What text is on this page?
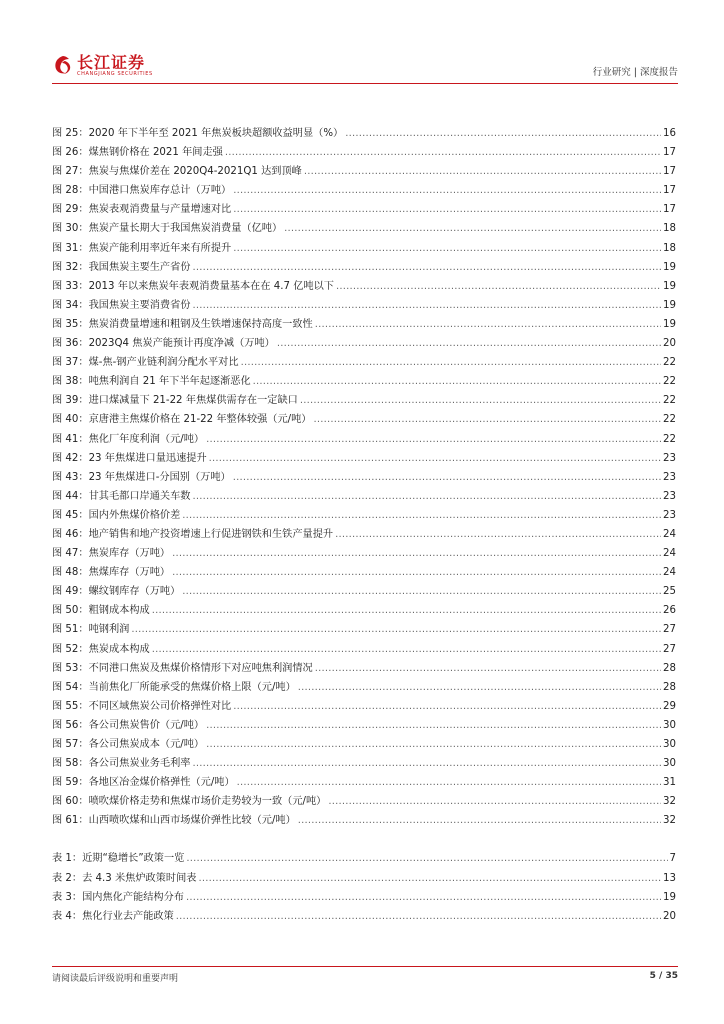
长江证券
CHANGJIANG SECURITIES	行业研究 | 深度报告
图 25：2020 年下半年至 2021 年焦炭板块超额收益明显（%） .....	16
图 26：煤焦钢价格在 2021 年间走强 .....	17
图 27：焦炭与焦煤价差在 2020Q4-2021Q1 达到顶峰 .....	17
图 28：中国港口焦炭库存总计（万吨） .....	17
图 29：焦炭表观消费量与产量增速对比 .....	17
图 30：焦炭产量长期大于我国焦炭消费量（亿吨） .....	18
图 31：焦炭产能利用率近年来有所提升 .....	18
图 32：我国焦炭主要生产省份 .....	19
图 33：2013 年以来焦炭年表观消费量基本在在 4.7 亿吨以下 .....	19
图 34：我国焦炭主要消费省份 .....	19
图 35：焦炭消费量增速和粗钢及生铁增速保持高度一致性 .....	19
图 36：2023Q4 焦炭产能预计再度净减（万吨） .....	20
图 37：煤-焦-钢产业链利润分配水平对比 .....	22
图 38：吨焦利润自 21 年下半年起逐渐恶化 .....	22
图 39：进口煤减量下 21-22 年焦煤供需存在一定缺口 .....	22
图 40：京唐港主焦煤价格在 21-22 年整体较强（元/吨） .....	22
图 41：焦化厂年度利润（元/吨） .....	22
图 42：23 年焦煤进口量迅速提升 .....	23
图 43：23 年焦煤进口-分国别（万吨） .....	23
图 44：甘其毛都口岸通关车数 .....	23
图 45：国内外焦煤价格价差 .....	23
图 46：地产销售和地产投资增速上行促进钢铁和生铁产量提升 .....	24
图 47：焦炭库存（万吨） .....	24
图 48：焦煤库存（万吨） .....	24
图 49：螺纹钢库存（万吨） .....	25
图 50：粗钢成本构成 .....	26
图 51：吨钢利润 .....	27
图 52：焦炭成本构成 .....	27
图 53：不同港口焦炭及焦煤价格情形下对应吨焦利润情况 .....	28
图 54：当前焦化厂所能承受的焦煤价格上限（元/吨） .....	28
图 55：不同区域焦炭公司价格弹性对比 .....	29
图 56：各公司焦炭售价（元/吨） .....	30
图 57：各公司焦炭成本（元/吨） .....	30
图 58：各公司焦炭业务毛利率 .....	30
图 59：各地区冶金煤价格弹性（元/吨） .....	31
图 60：喷吹煤价格走势和焦煤市场价走势较为一致（元/吨） .....	32
图 61：山西喷吹煤和山西市场煤价弹性比较（元/吨） .....	32
表 1：近期“稳增长”政策一览 .....	7
表 2：去 4.3 米焦炉政策时间表 .....	13
表 3：国内焦化产能结构分布 .....	19
表 4：焦化行业去产能政策 .....	20
请阅读最后评级说明和重要声明	5 / 35
